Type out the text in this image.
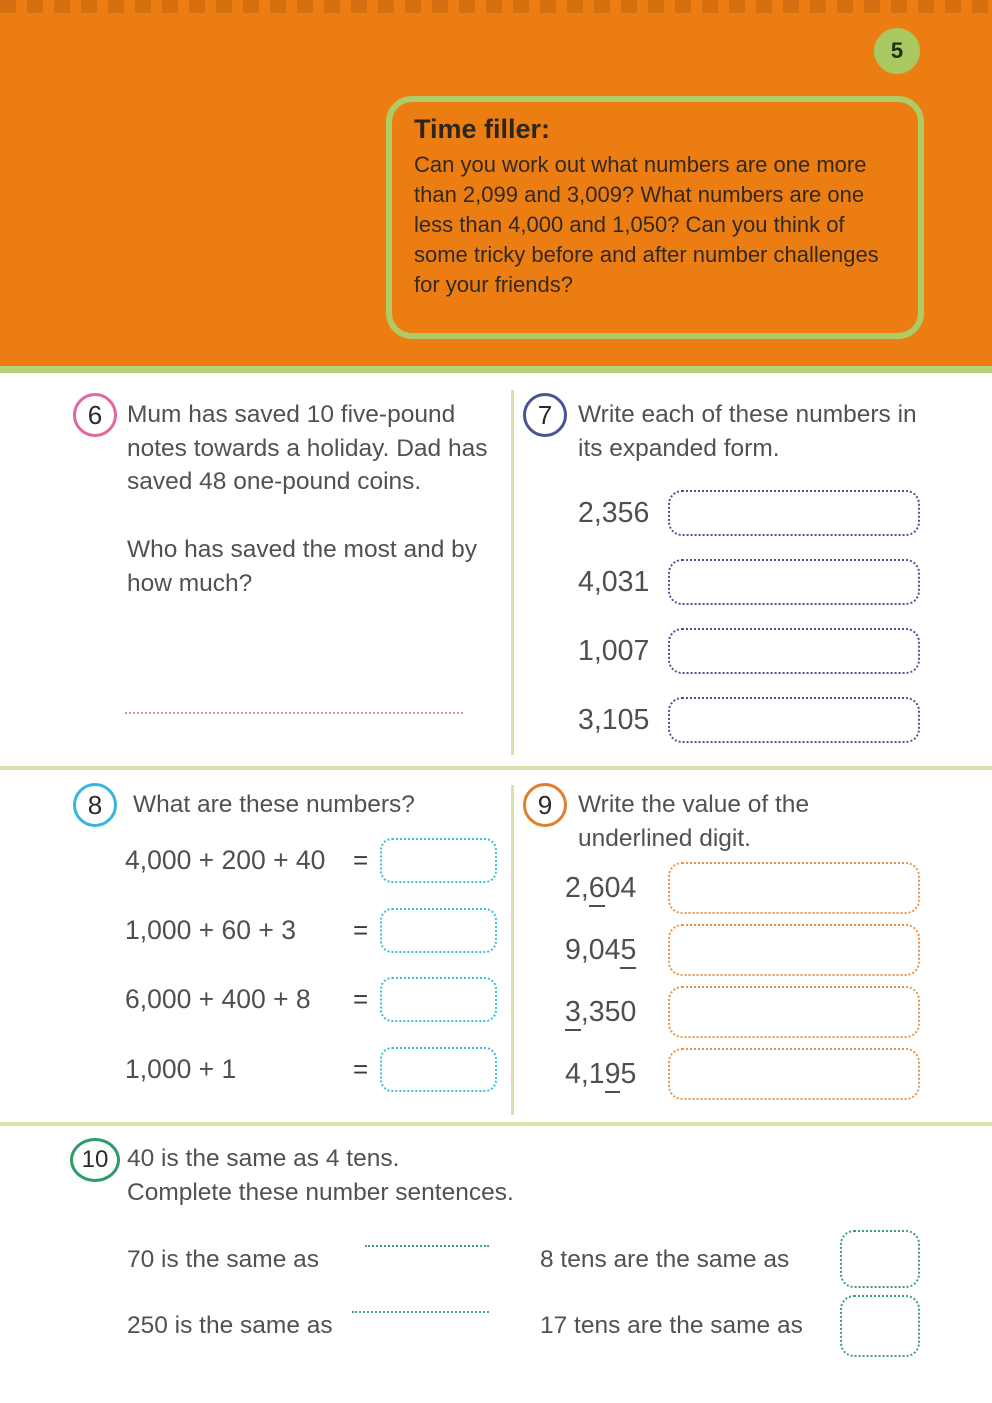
5
Time filler:

Can you work out what numbers are one more than 2,099 and 3,009? What numbers are one less than 4,000 and 1,050? Can you think of some tricky before and after number challenges for your friends?

6	Mum has saved 10 five-pound notes towards a holiday. Dad has saved 48 one-pound coins.
Who has saved the most and by how much?
7	Write each of these numbers in its expanded form.
2,356
4,031
1,007
3,105
8	What are these numbers?
4,000 + 200 + 40 =
1,000 + 60 + 3 =
6,000 + 400 + 8 =
1,000 + 1	=
9	Write the value of the underlined digit.
2,604
9,045
3,350
4,195
10 40 is the same as 4 tens.
Complete these number sentences.
70 is the same as	8 tens are the same as
250 is the same as	17 tens are the same as
